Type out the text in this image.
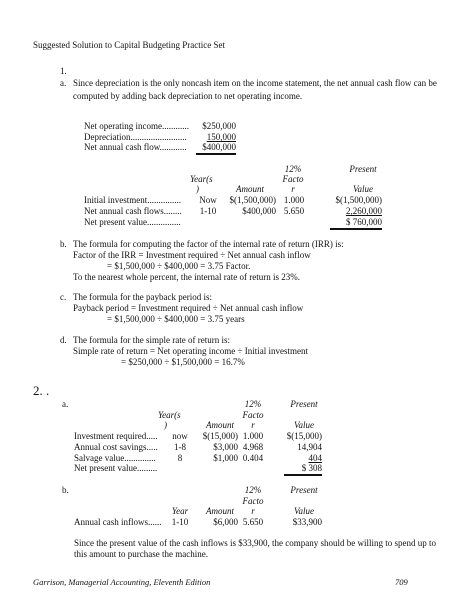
Suggested Solution to Capital Budgeting Practice Set
1.
a. Since depreciation is the only noncash item on the income statement, the net annual cash flow can be
computed by adding back depreciation to net operating income.
Net operating income............	$250,000
Depreciation.........................	150,000
Net annual cash flow............	$400,000
12%	Present
Year(s	Facto
)	Amount	r	Value
Initial investment...............	Now	$(1,500,000) 1.000	$(1,500,000)
Net annual cash flows........	1-10	$400,000 5.650	2,260,000
Net present value...............	$ 760,000
b. The formula for computing the factor of the internal rate of return (IRR) is:
Factor of the IRR = Investment required ÷ Net annual cash inflow
= $1,500,000 ÷ $400,000 = 3.75 Factor.
To the nearest whole percent, the internal rate of return is 23%.
c. The formula for the payback period is:
Payback period = Investment required ÷ Net annual cash inflow
= $1,500,000 ÷ $400,000 = 3.75 years
d. The formula for the simple rate of return is:
Simple rate of return = Net operating income ÷ Initial investment
= $250,000 ÷ $1,500,000 = 16.7%
2. .
a.	12%	Present
Year(s	Facto
)	Amount	r	Value
Investment required.....	now	$(15,000) 1.000	$(15,000)
Annual cost savings.....	1-8	$3,000 4.968	14,904
Salvage value..............	8	$1,000 0.404	404
Net present value.........	$ 308
b.	12%	Present
Facto
Year	Amount	r	Value
Annual cash inflows......	1-10	$6,000 5.650	$33,900
Since the present value of the cash inflows is $33,900, the company should be willing to spend up to
this amount to purchase the machine.
Garrison, Managerial Accounting, Eleventh Edition	709
